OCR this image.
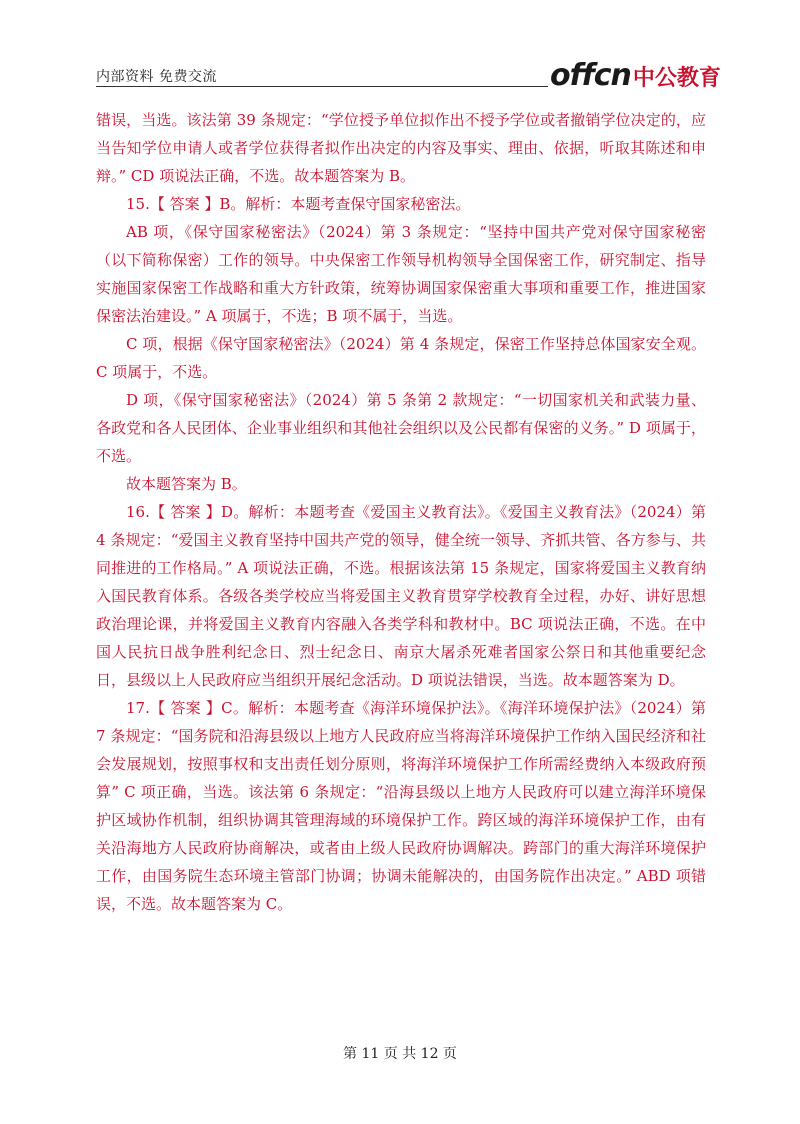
内部资料 免费交流	offcn 中公教育

错误，当选。该法第 39 条规定：“学位授予单位拟作出不授予学位或者撤销学位决定的，应当告知学位申请人或者学位获得者拟作出决定的内容及事实、理由、依据，听取其陈述和申辩。” CD 项说法正确，不选。故本题答案为 B。

15.【 答案 】B。解析：本题考查保守国家秘密法。

AB 项，《保守国家秘密法》（2024）第 3 条规定：“坚持中国共产党对保守国家秘密（以下简称保密）工作的领导。中央保密工作领导机构领导全国保密工作，研究制定、指导实施国家保密工作战略和重大方针政策，统筹协调国家保密重大事项和重要工作，推进国家保密法治建设。” A 项属于，不选；B 项不属于，当选。

C 项，根据《保守国家秘密法》（2024）第 4 条规定，保密工作坚持总体国家安全观。C 项属于，不选。

D 项，《保守国家秘密法》（2024）第 5 条第 2 款规定：“一切国家机关和武装力量、各政党和各人民团体、企业事业组织和其他社会组织以及公民都有保密的义务。” D 项属于，不选。

故本题答案为 B。

16.【 答案 】D。解析：本题考查《爱国主义教育法》。《爱国主义教育法》（2024）第 4 条规定：“爱国主义教育坚持中国共产党的领导，健全统一领导、齐抓共管、各方参与、共同推进的工作格局。” A 项说法正确，不选。根据该法第 15 条规定，国家将爱国主义教育纳入国民教育体系。各级各类学校应当将爱国主义教育贯穿学校教育全过程，办好、讲好思想政治理论课，并将爱国主义教育内容融入各类学科和教材中。BC 项说法正确，不选。在中国人民抗日战争胜利纪念日、烈士纪念日、南京大屠杀死难者国家公祭日和其他重要纪念日，县级以上人民政府应当组织开展纪念活动。D 项说法错误，当选。故本题答案为 D。

17.【 答案 】C。解析：本题考查《海洋环境保护法》。《海洋环境保护法》（2024）第 7 条规定：“国务院和沿海县级以上地方人民政府应当将海洋环境保护工作纳入国民经济和社会发展规划，按照事权和支出责任划分原则，将海洋环境保护工作所需经费纳入本级政府预算” C 项正确，当选。该法第 6 条规定：“沿海县级以上地方人民政府可以建立海洋环境保护区域协作机制，组织协调其管理海域的环境保护工作。跨区域的海洋环境保护工作，由有关沿海地方人民政府协商解决，或者由上级人民政府协调解决。跨部门的重大海洋环境保护工作，由国务院生态环境主管部门协调；协调未能解决的，由国务院作出决定。” ABD 项错误，不选。故本题答案为 C。

第 11 页 共 12 页
